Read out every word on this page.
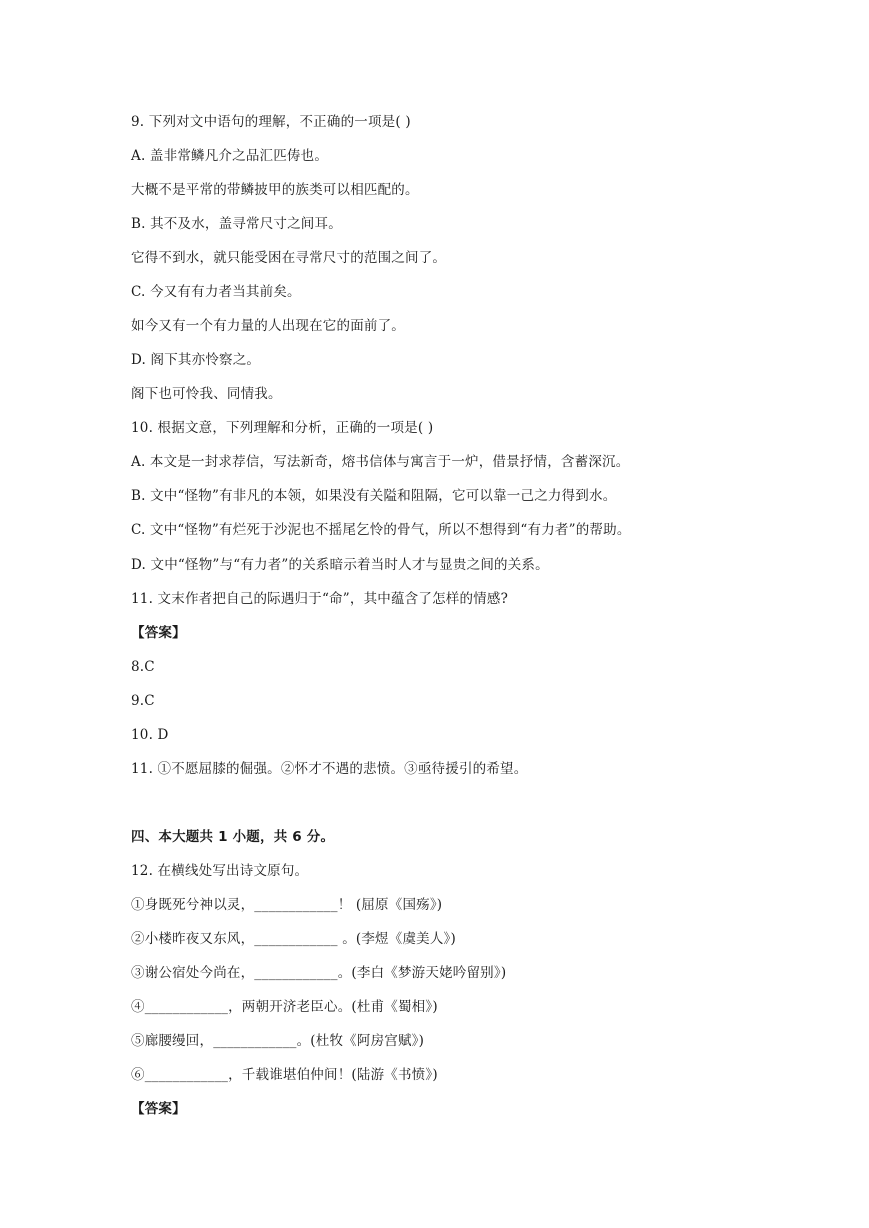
9. 下列对文中语句的理解，不正确的一项是( )
A. 盖非常鳞凡介之品汇匹俦也。
大概不是平常的带鳞披甲的族类可以相匹配的。
B. 其不及水，盖寻常尺寸之间耳。
它得不到水，就只能受困在寻常尺寸的范围之间了。
C. 今又有有力者当其前矣。
如今又有一个有力量的人出现在它的面前了。
D. 阁下其亦怜察之。
阁下也可怜我、同情我。
10. 根据文意，下列理解和分析，正确的一项是( )
A. 本文是一封求荐信，写法新奇，熔书信体与寓言于一炉，借景抒情，含蓄深沉。
B. 文中“怪物”有非凡的本领，如果没有关隘和阻隔，它可以靠一己之力得到水。
C. 文中“怪物”有烂死于沙泥也不摇尾乞怜的骨气，所以不想得到“有力者”的帮助。
D. 文中“怪物”与“有力者”的关系暗示着当时人才与显贵之间的关系。
11. 文末作者把自己的际遇归于“命”，其中蕴含了怎样的情感?
【答案】
8.C
9.C
10. D
11. ①不愿屈膝的倔强。②怀才不遇的悲愤。③亟待援引的希望。
四、本大题共 1 小题，共 6 分。
12. 在横线处写出诗文原句。
①身既死兮神以灵，____________！ (屈原《国殇》)
②小楼昨夜又东风，____________ 。(李煜《虞美人》)
③谢公宿处今尚在，____________。(李白《梦游天姥吟留别》)
④____________，两朝开济老臣心。(杜甫《蜀相》)
⑤廊腰缦回，____________。(杜牧《阿房宫赋》)
⑥____________，千载谁堪伯仲间！(陆游《书愤》)
【答案】
